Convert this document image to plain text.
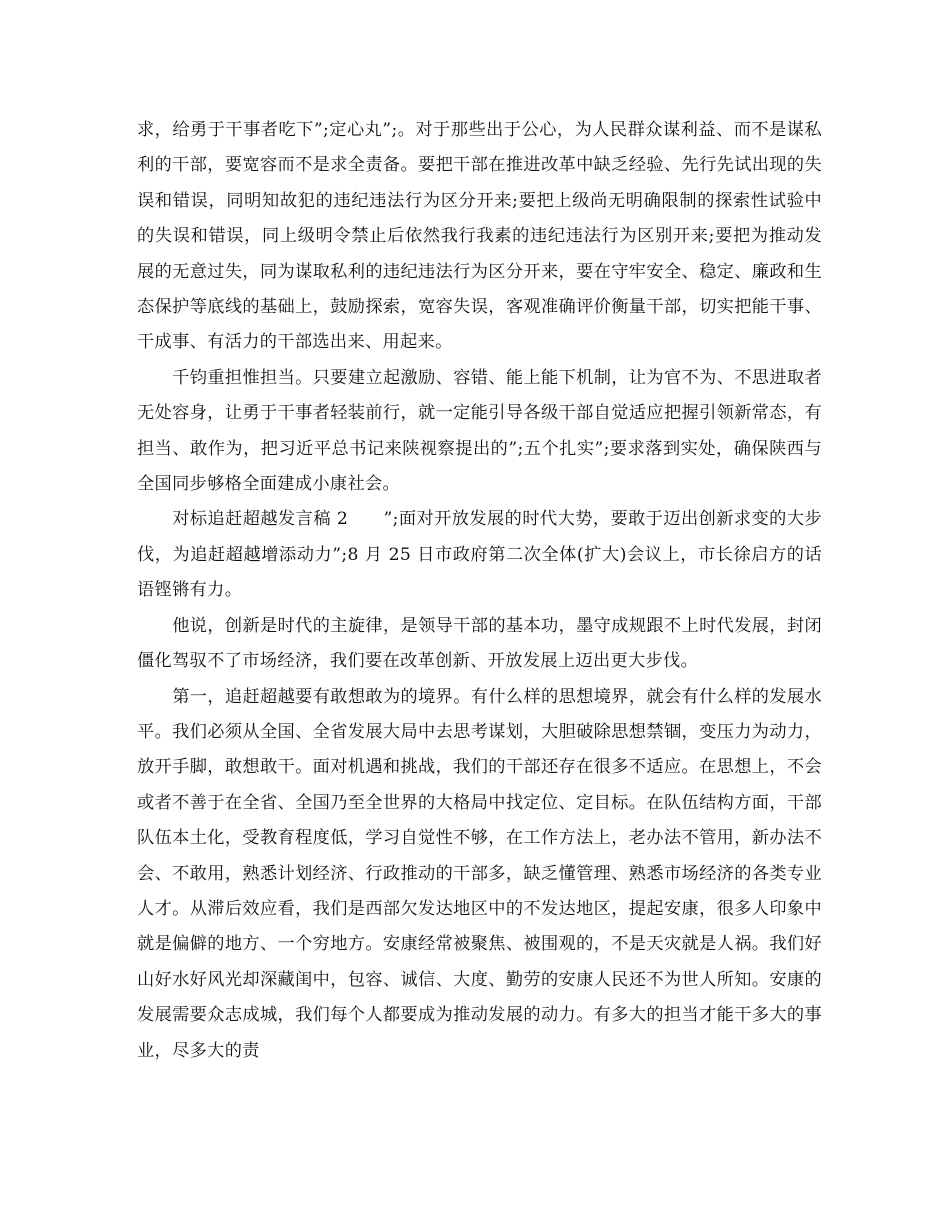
求，给勇于干事者吃下”;定心丸”;。对于那些出于公心，为人民群众谋利益、而不是谋私利的干部，要宽容而不是求全责备。要把干部在推进改革中缺乏经验、先行先试出现的失误和错误，同明知故犯的违纪违法行为区分开来;要把上级尚无明确限制的探索性试验中的失误和错误，同上级明令禁止后依然我行我素的违纪违法行为区别开来;要把为推动发展的无意过失，同为谋取私利的违纪违法行为区分开来，要在守牢安全、稳定、廉政和生态保护等底线的基础上，鼓励探索，宽容失误，客观准确评价衡量干部，切实把能干事、干成事、有活力的干部选出来、用起来。

千钧重担惟担当。只要建立起激励、容错、能上能下机制，让为官不为、不思进取者无处容身，让勇于干事者轻装前行，就一定能引导各级干部自觉适应把握引领新常态，有担当、敢作为，把习近平总书记来陕视察提出的”;五个扎实”;要求落到实处，确保陕西与全国同步够格全面建成小康社会。

对标追赶超越发言稿 2　　”;面对开放发展的时代大势，要敢于迈出创新求变的大步伐，为追赶超越增添动力”;8 月 25 日市政府第二次全体(扩大)会议上，市长徐启方的话语铿锵有力。

他说，创新是时代的主旋律，是领导干部的基本功，墨守成规跟不上时代发展，封闭僵化驾驭不了市场经济，我们要在改革创新、开放发展上迈出更大步伐。

第一，追赶超越要有敢想敢为的境界。有什么样的思想境界，就会有什么样的发展水平。我们必须从全国、全省发展大局中去思考谋划，大胆破除思想禁锢，变压力为动力，放开手脚，敢想敢干。面对机遇和挑战，我们的干部还存在很多不适应。在思想上，不会或者不善于在全省、全国乃至全世界的大格局中找定位、定目标。在队伍结构方面，干部队伍本土化，受教育程度低，学习自觉性不够，在工作方法上，老办法不管用，新办法不会、不敢用，熟悉计划经济、行政推动的干部多，缺乏懂管理、熟悉市场经济的各类专业人才。从滞后效应看，我们是西部欠发达地区中的不发达地区，提起安康，很多人印象中就是偏僻的地方、一个穷地方。安康经常被聚焦、被围观的，不是天灾就是人祸。我们好山好水好风光却深藏闺中，包容、诚信、大度、勤劳的安康人民还不为世人所知。安康的发展需要众志成城，我们每个人都要成为推动发展的动力。有多大的担当才能干多大的事业，尽多大的责
